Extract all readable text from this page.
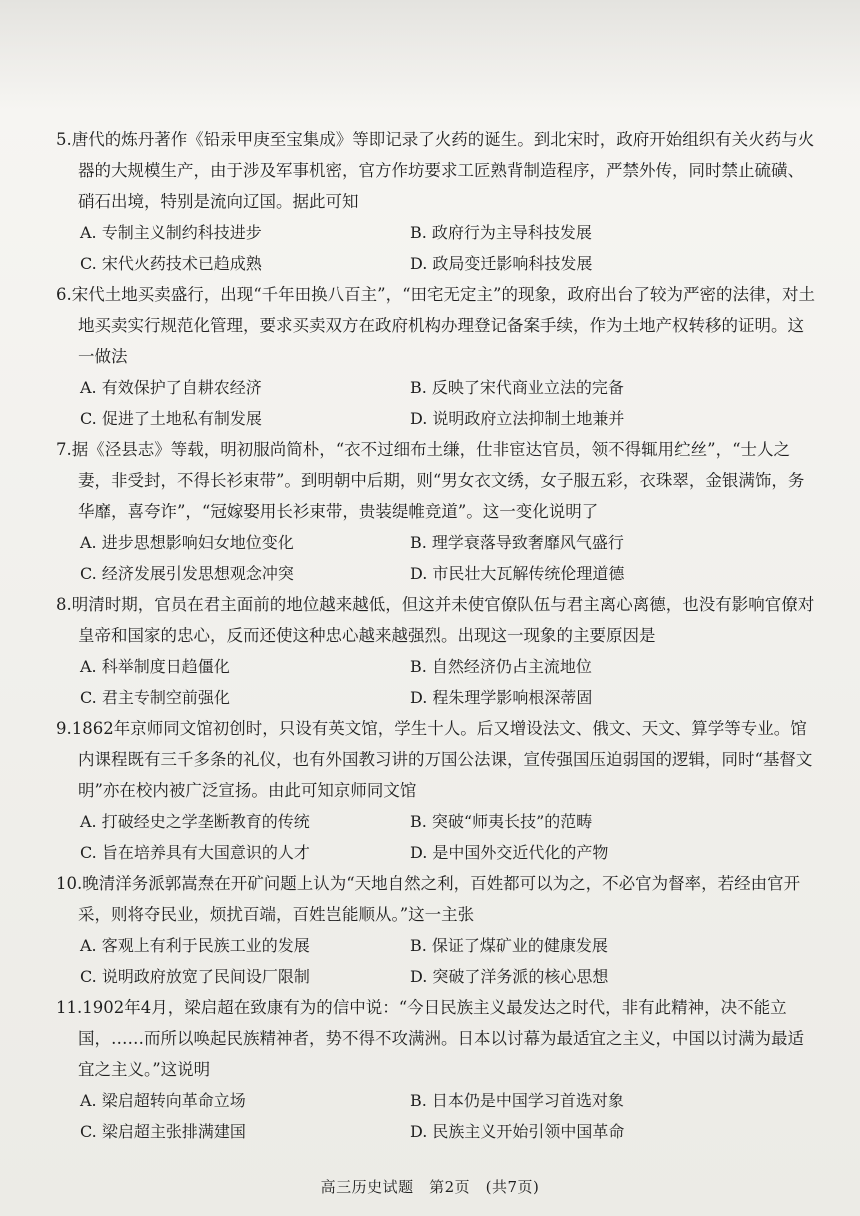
5.唐代的炼丹著作《铅汞甲庚至宝集成》等即记录了火药的诞生。到北宋时，政府开始组织有关火药与火器的大规模生产，由于涉及军事机密，官方作坊要求工匠熟背制造程序，严禁外传，同时禁止硫磺、硝石出境，特别是流向辽国。据此可知

A. 专制主义制约科技进步	B. 政府行为主导科技发展
C. 宋代火药技术已趋成熟	D. 政局变迁影响科技发展

6.宋代土地买卖盛行，出现“千年田换八百主”，“田宅无定主”的现象，政府出台了较为严密的法律，对土地买卖实行规范化管理，要求买卖双方在政府机构办理登记备案手续，作为土地产权转移的证明。这一做法

A. 有效保护了自耕农经济	B. 反映了宋代商业立法的完备
C. 促进了土地私有制发展	D. 说明政府立法抑制土地兼并

7.据《泾县志》等载，明初服尚简朴，“衣不过细布土缣，仕非宦达官员，领不得辄用纻丝”，“士人之妻，非受封，不得长衫束带”。到明朝中后期，则“男女衣文绣，女子服五彩，衣珠翠，金银满饰，务华靡，喜夸诈”，“冠嫁娶用长衫束带，贵装缇帷竞道”。这一变化说明了

A. 进步思想影响妇女地位变化	B. 理学衰落导致奢靡风气盛行
C. 经济发展引发思想观念冲突	D. 市民壮大瓦解传统伦理道德

8.明清时期，官员在君主面前的地位越来越低，但这并未使官僚队伍与君主离心离德，也没有影响官僚对皇帝和国家的忠心，反而还使这种忠心越来越强烈。出现这一现象的主要原因是

A. 科举制度日趋僵化	B. 自然经济仍占主流地位
C. 君主专制空前强化	D. 程朱理学影响根深蒂固

9.1862年京师同文馆初创时，只设有英文馆，学生十人。后又增设法文、俄文、天文、算学等专业。馆内课程既有三千多条的礼仪，也有外国教习讲的万国公法课，宣传强国压迫弱国的逻辑，同时“基督文明”亦在校内被广泛宣扬。由此可知京师同文馆

A. 打破经史之学垄断教育的传统	B. 突破“师夷长技”的范畴
C. 旨在培养具有大国意识的人才	D. 是中国外交近代化的产物

10.晚清洋务派郭嵩焘在开矿问题上认为“天地自然之利，百姓都可以为之，不必官为督率，若经由官开采，则将夺民业，烦扰百端，百姓岂能顺从。”这一主张

A. 客观上有利于民族工业的发展	B. 保证了煤矿业的健康发展
C. 说明政府放宽了民间设厂限制	D. 突破了洋务派的核心思想

11.1902年4月，梁启超在致康有为的信中说：“今日民族主义最发达之时代，非有此精神，决不能立国，……而所以唤起民族精神者，势不得不攻满洲。日本以讨幕为最适宜之主义，中国以讨满为最适宜之主义。”这说明

A. 梁启超转向革命立场	B. 日本仍是中国学习首选对象
C. 梁启超主张排满建国	D. 民族主义开始引领中国革命
高三历史试题　第2页　(共7页)
